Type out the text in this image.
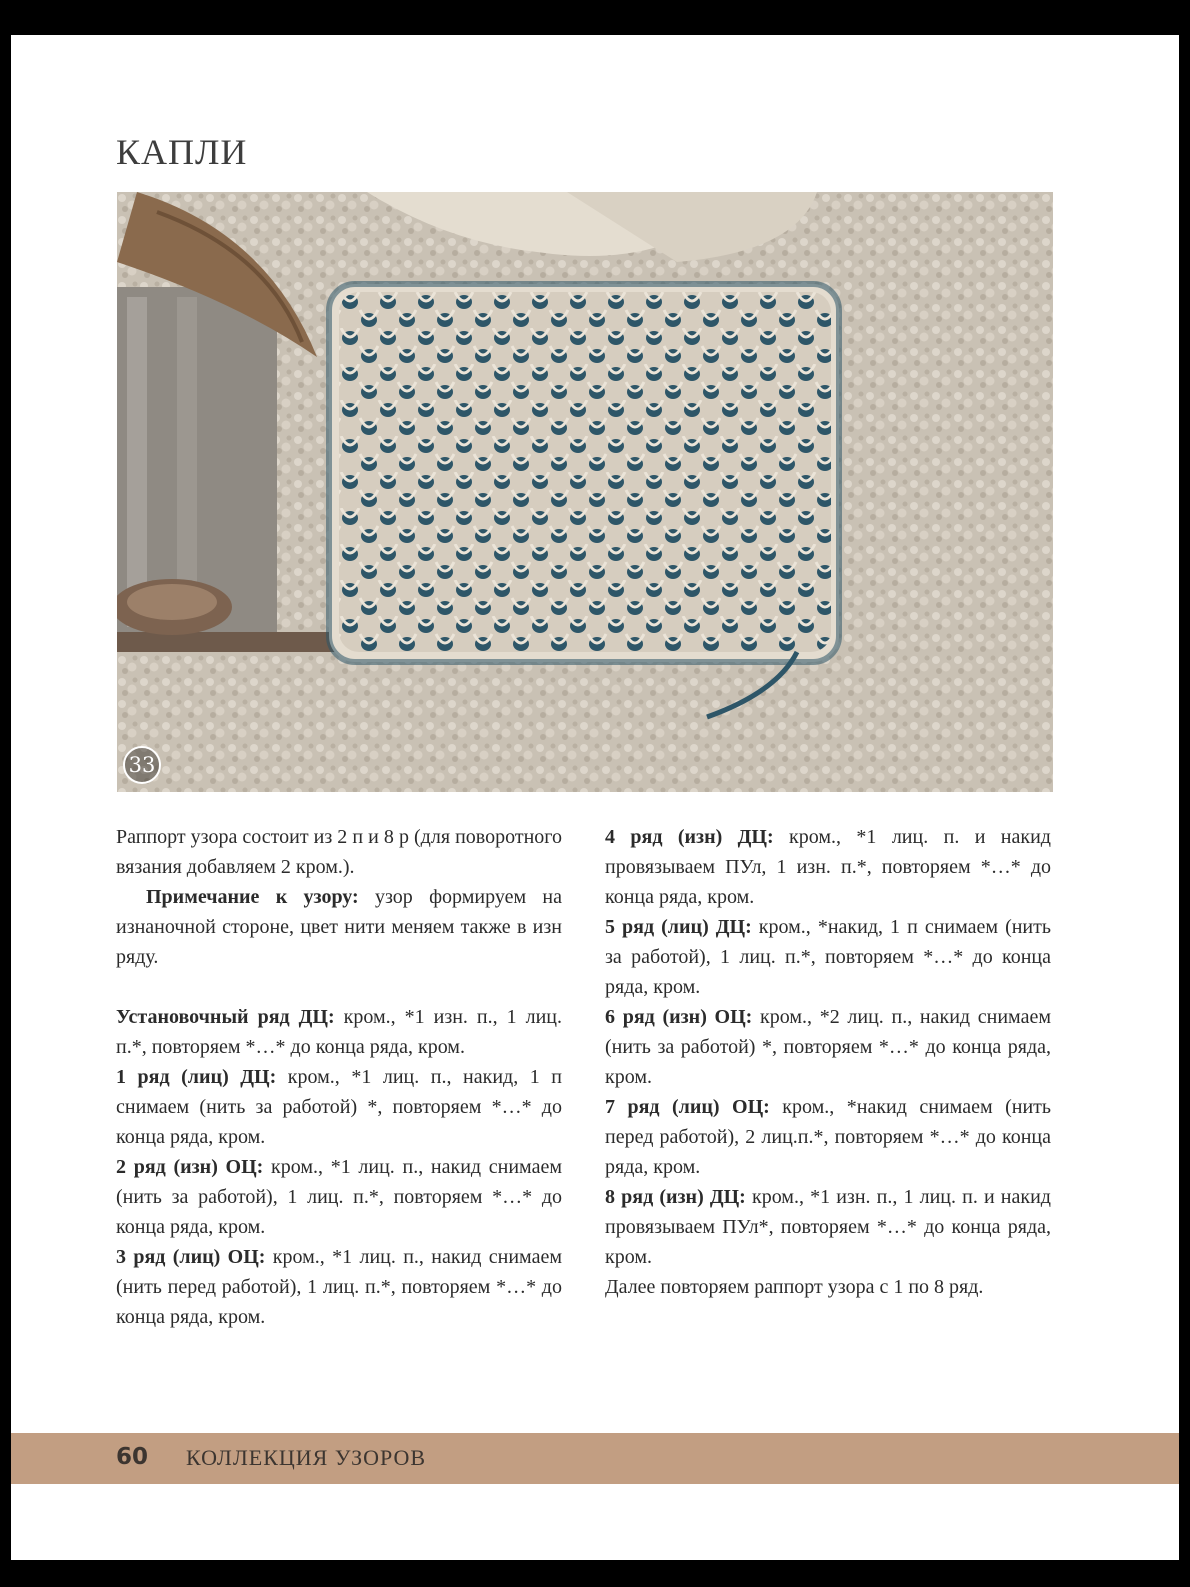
КАПЛИ
33

Раппорт узора состоит из 2 п и 8 р (для поворотного вязания добавляем 2 кром.).

Примечание к узору: узор формируем на изнаночной стороне, цвет нити меняем также в изн ряду.

Установочный ряд ДЦ: кром., *1 изн. п., 1 лиц. п.*, повторяем *…* до конца ряда, кром.

1 ряд (лиц) ДЦ: кром., *1 лиц. п., накид, 1 п снимаем (нить за работой) *, повторяем *…* до конца ряда, кром.

2 ряд (изн) ОЦ: кром., *1 лиц. п., накид снимаем (нить за работой), 1 лиц. п.*, повторяем *…* до конца ряда, кром.

3 ряд (лиц) ОЦ: кром., *1 лиц. п., накид снимаем (нить перед работой), 1 лиц. п.*, повторяем *…* до конца ряда, кром.

4 ряд (изн) ДЦ: кром., *1 лиц. п. и накид провязываем ПУл, 1 изн. п.*, повторяем *…* до конца ряда, кром.

5 ряд (лиц) ДЦ: кром., *накид, 1 п снимаем (нить за работой), 1 лиц. п.*, повторяем *…* до конца ряда, кром.

6 ряд (изн) ОЦ: кром., *2 лиц. п., накид снимаем (нить за работой) *, повторяем *…* до конца ряда, кром.

7 ряд (лиц) ОЦ: кром., *накид снимаем (нить перед работой), 2 лиц.п.*, повторяем *…* до конца ряда, кром.

8 ряд (изн) ДЦ: кром., *1 изн. п., 1 лиц. п. и накид провязываем ПУл*, повторяем *…* до конца ряда, кром.

Далее повторяем раппорт узора с 1 по 8 ряд.

60 КОЛЛЕКЦИЯ УЗОРОВ
